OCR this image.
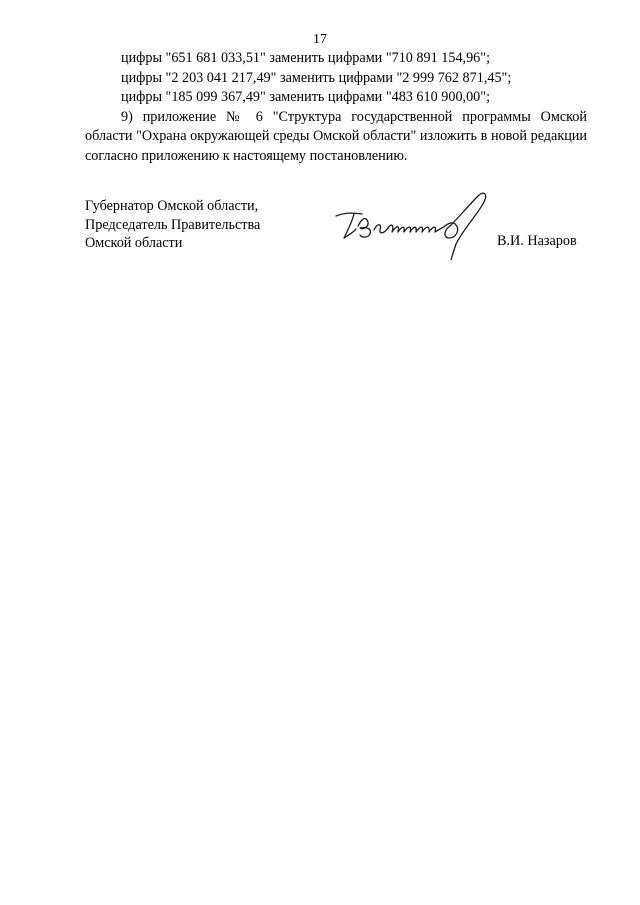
17

цифры "651 681 033,51" заменить цифрами "710 891 154,96";

цифры "2 203 041 217,49" заменить цифрами "2 999 762 871,45";

цифры "185 099 367,49" заменить цифрами "483 610 900,00";

9) приложение № 6 "Структура государственной программы Омской области "Охрана окружающей среды Омской области" изложить в новой редакции согласно приложению к настоящему постановлению.

Губернатор Омской области,
Председатель Правительства
Омской области	В.И. Назаров
